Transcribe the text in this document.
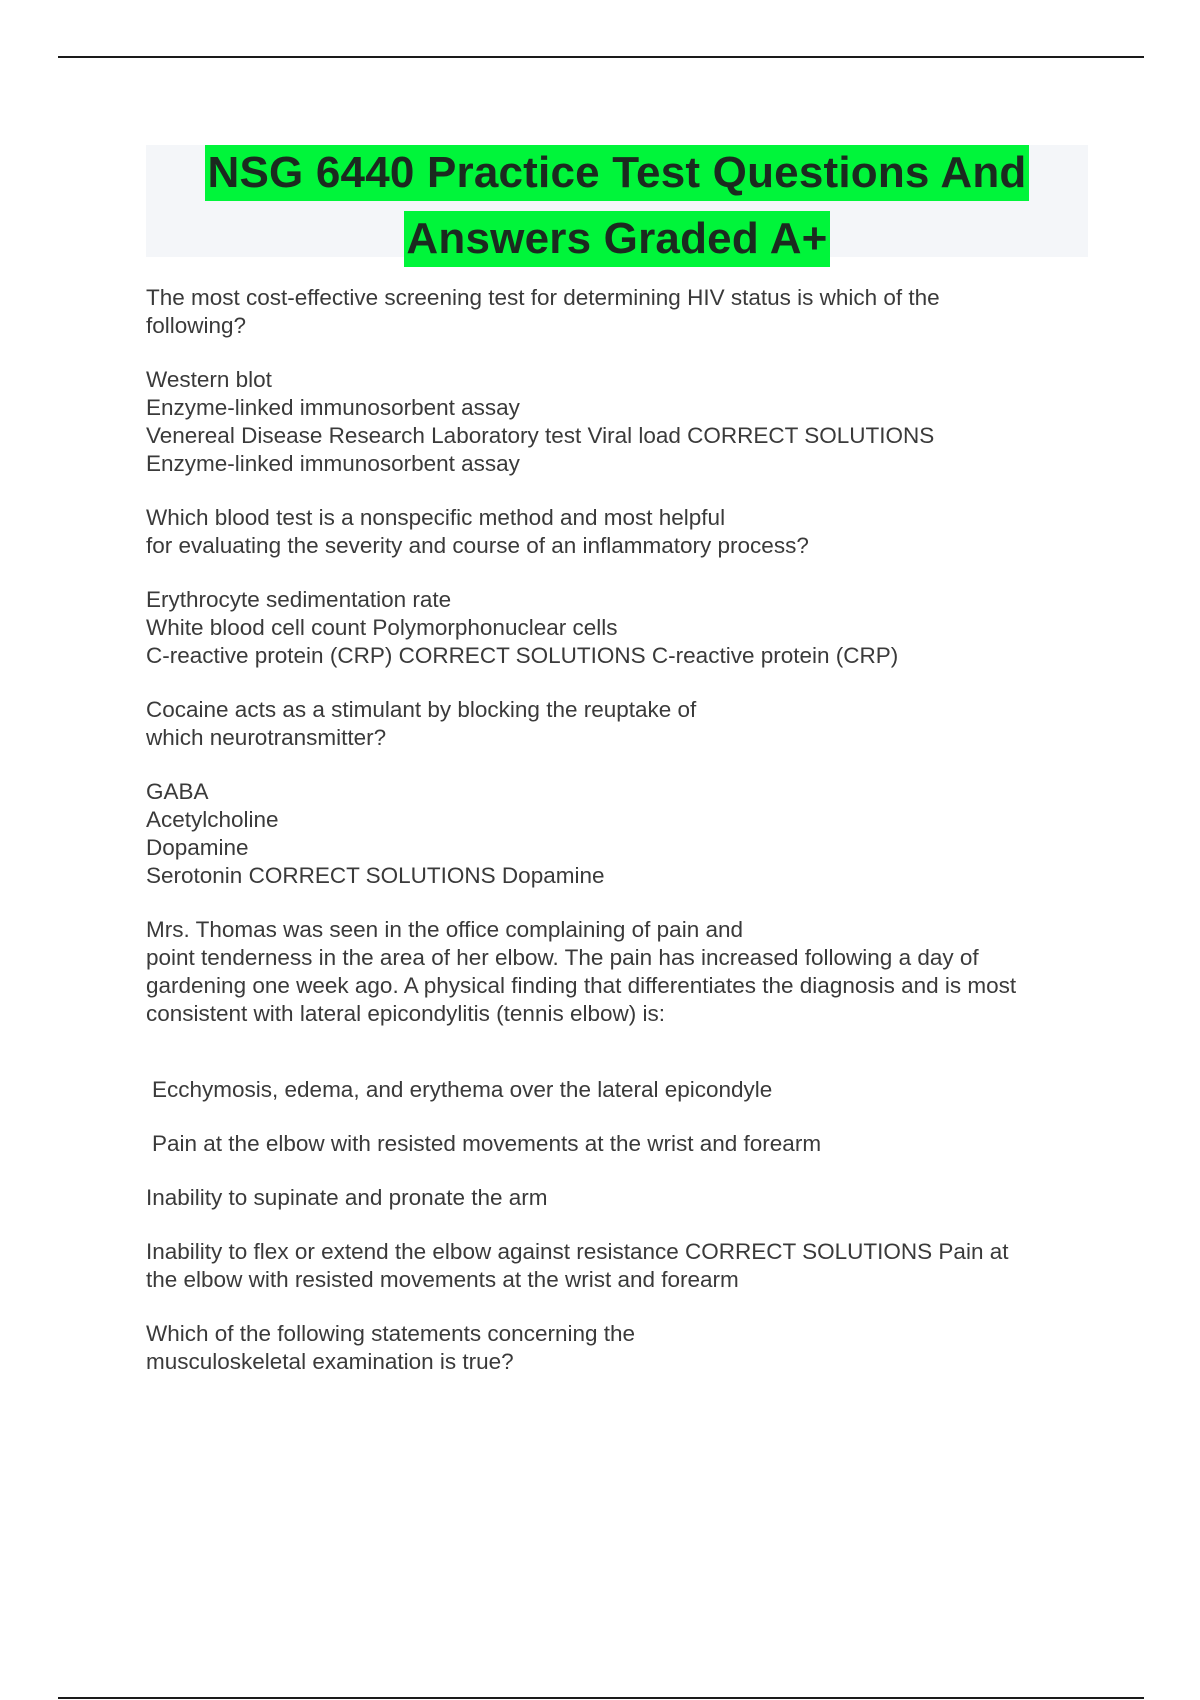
NSG 6440 Practice Test Questions And
Answers Graded A+
The most cost-effective screening test for determining HIV status is which of the
following?
Western blot
Enzyme-linked immunosorbent assay
Venereal Disease Research Laboratory test Viral load CORRECT SOLUTIONS
Enzyme-linked immunosorbent assay
Which blood test is a nonspecific method and most helpful
for evaluating the severity and course of an inflammatory process?
Erythrocyte sedimentation rate
White blood cell count Polymorphonuclear cells
C-reactive protein (CRP) CORRECT SOLUTIONS C-reactive protein (CRP)
Cocaine acts as a stimulant by blocking the reuptake of
which neurotransmitter?
GABA
Acetylcholine
Dopamine
Serotonin CORRECT SOLUTIONS Dopamine
Mrs. Thomas was seen in the office complaining of pain and
point tenderness in the area of her elbow. The pain has increased following a day of
gardening one week ago. A physical finding that differentiates the diagnosis and is most
consistent with lateral epicondylitis (tennis elbow) is:
Ecchymosis, edema, and erythema over the lateral epicondyle
Pain at the elbow with resisted movements at the wrist and forearm
Inability to supinate and pronate the arm
Inability to flex or extend the elbow against resistance CORRECT SOLUTIONS Pain at
the elbow with resisted movements at the wrist and forearm
Which of the following statements concerning the
musculoskeletal examination is true?
